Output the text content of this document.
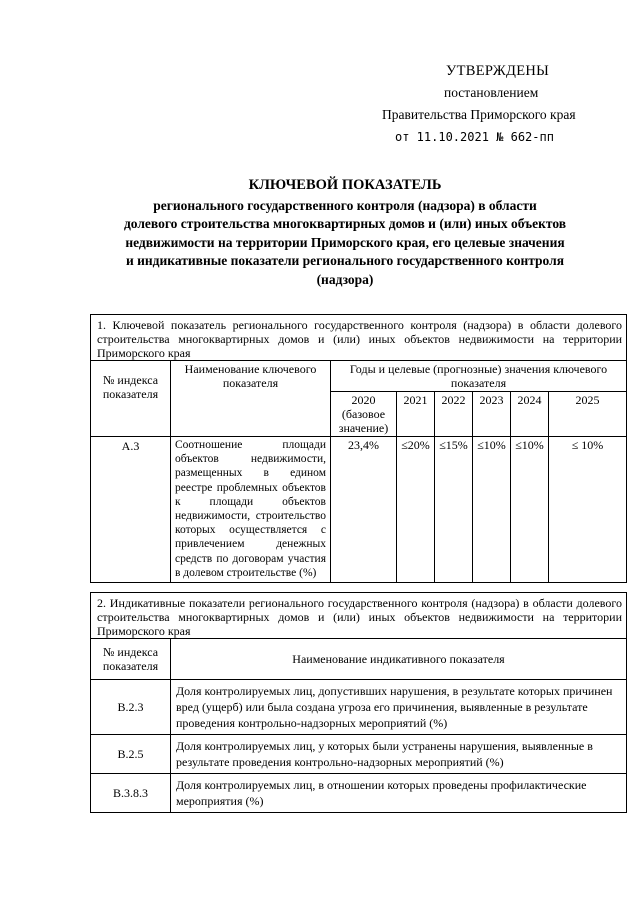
УТВЕРЖДЕНЫ
постановлением
Правительства Приморского края
от 11.10.2021 № 662-пп
КЛЮЧЕВОЙ ПОКАЗАТЕЛЬ
регионального государственного контроля (надзора) в области
долевого строительства многоквартирных домов и (или) иных объектов
недвижимости на территории Приморского края, его целевые значения
и индикативные показатели регионального государственного контроля
(надзора)
1. Ключевой показатель регионального государственного контроля (надзора) в области долевого строительства многоквартирных домов и (или) иных объектов недвижимости на территории Приморского края							
№ индекса показателя	Наименование ключевого показателя	Годы и целевые (прогнозные) значения ключевого показателя					
		2020 (базовое значение)	2021	2022	2023	2024	2025
А.3	Соотношение площади объектов недвижимости, размещенных в едином реестре проблемных объектов к площади объектов недвижимости, строительство которых осуществляется с привлечением денежных средств по договорам участия в долевом строительстве (%)	23,4%	≤20%	≤15%	≤10%	≤10%	≤ 10%
2. Индикативные показатели регионального государственного контроля (надзора) в области долевого строительства многоквартирных домов и (или) иных объектов недвижимости на территории Приморского края	
№ индекса показателя	Наименование индикативного показателя
В.2.3	Доля контролируемых лиц, допустивших нарушения, в результате которых причинен вред (ущерб) или была создана угроза его причинения, выявленные в результате проведения контрольно-надзорных мероприятий (%)
В.2.5	Доля контролируемых лиц, у которых были устранены нарушения, выявленные в результате проведения контрольно-надзорных мероприятий (%)
В.3.8.3	Доля контролируемых лиц, в отношении которых проведены профилактические мероприятия (%)
